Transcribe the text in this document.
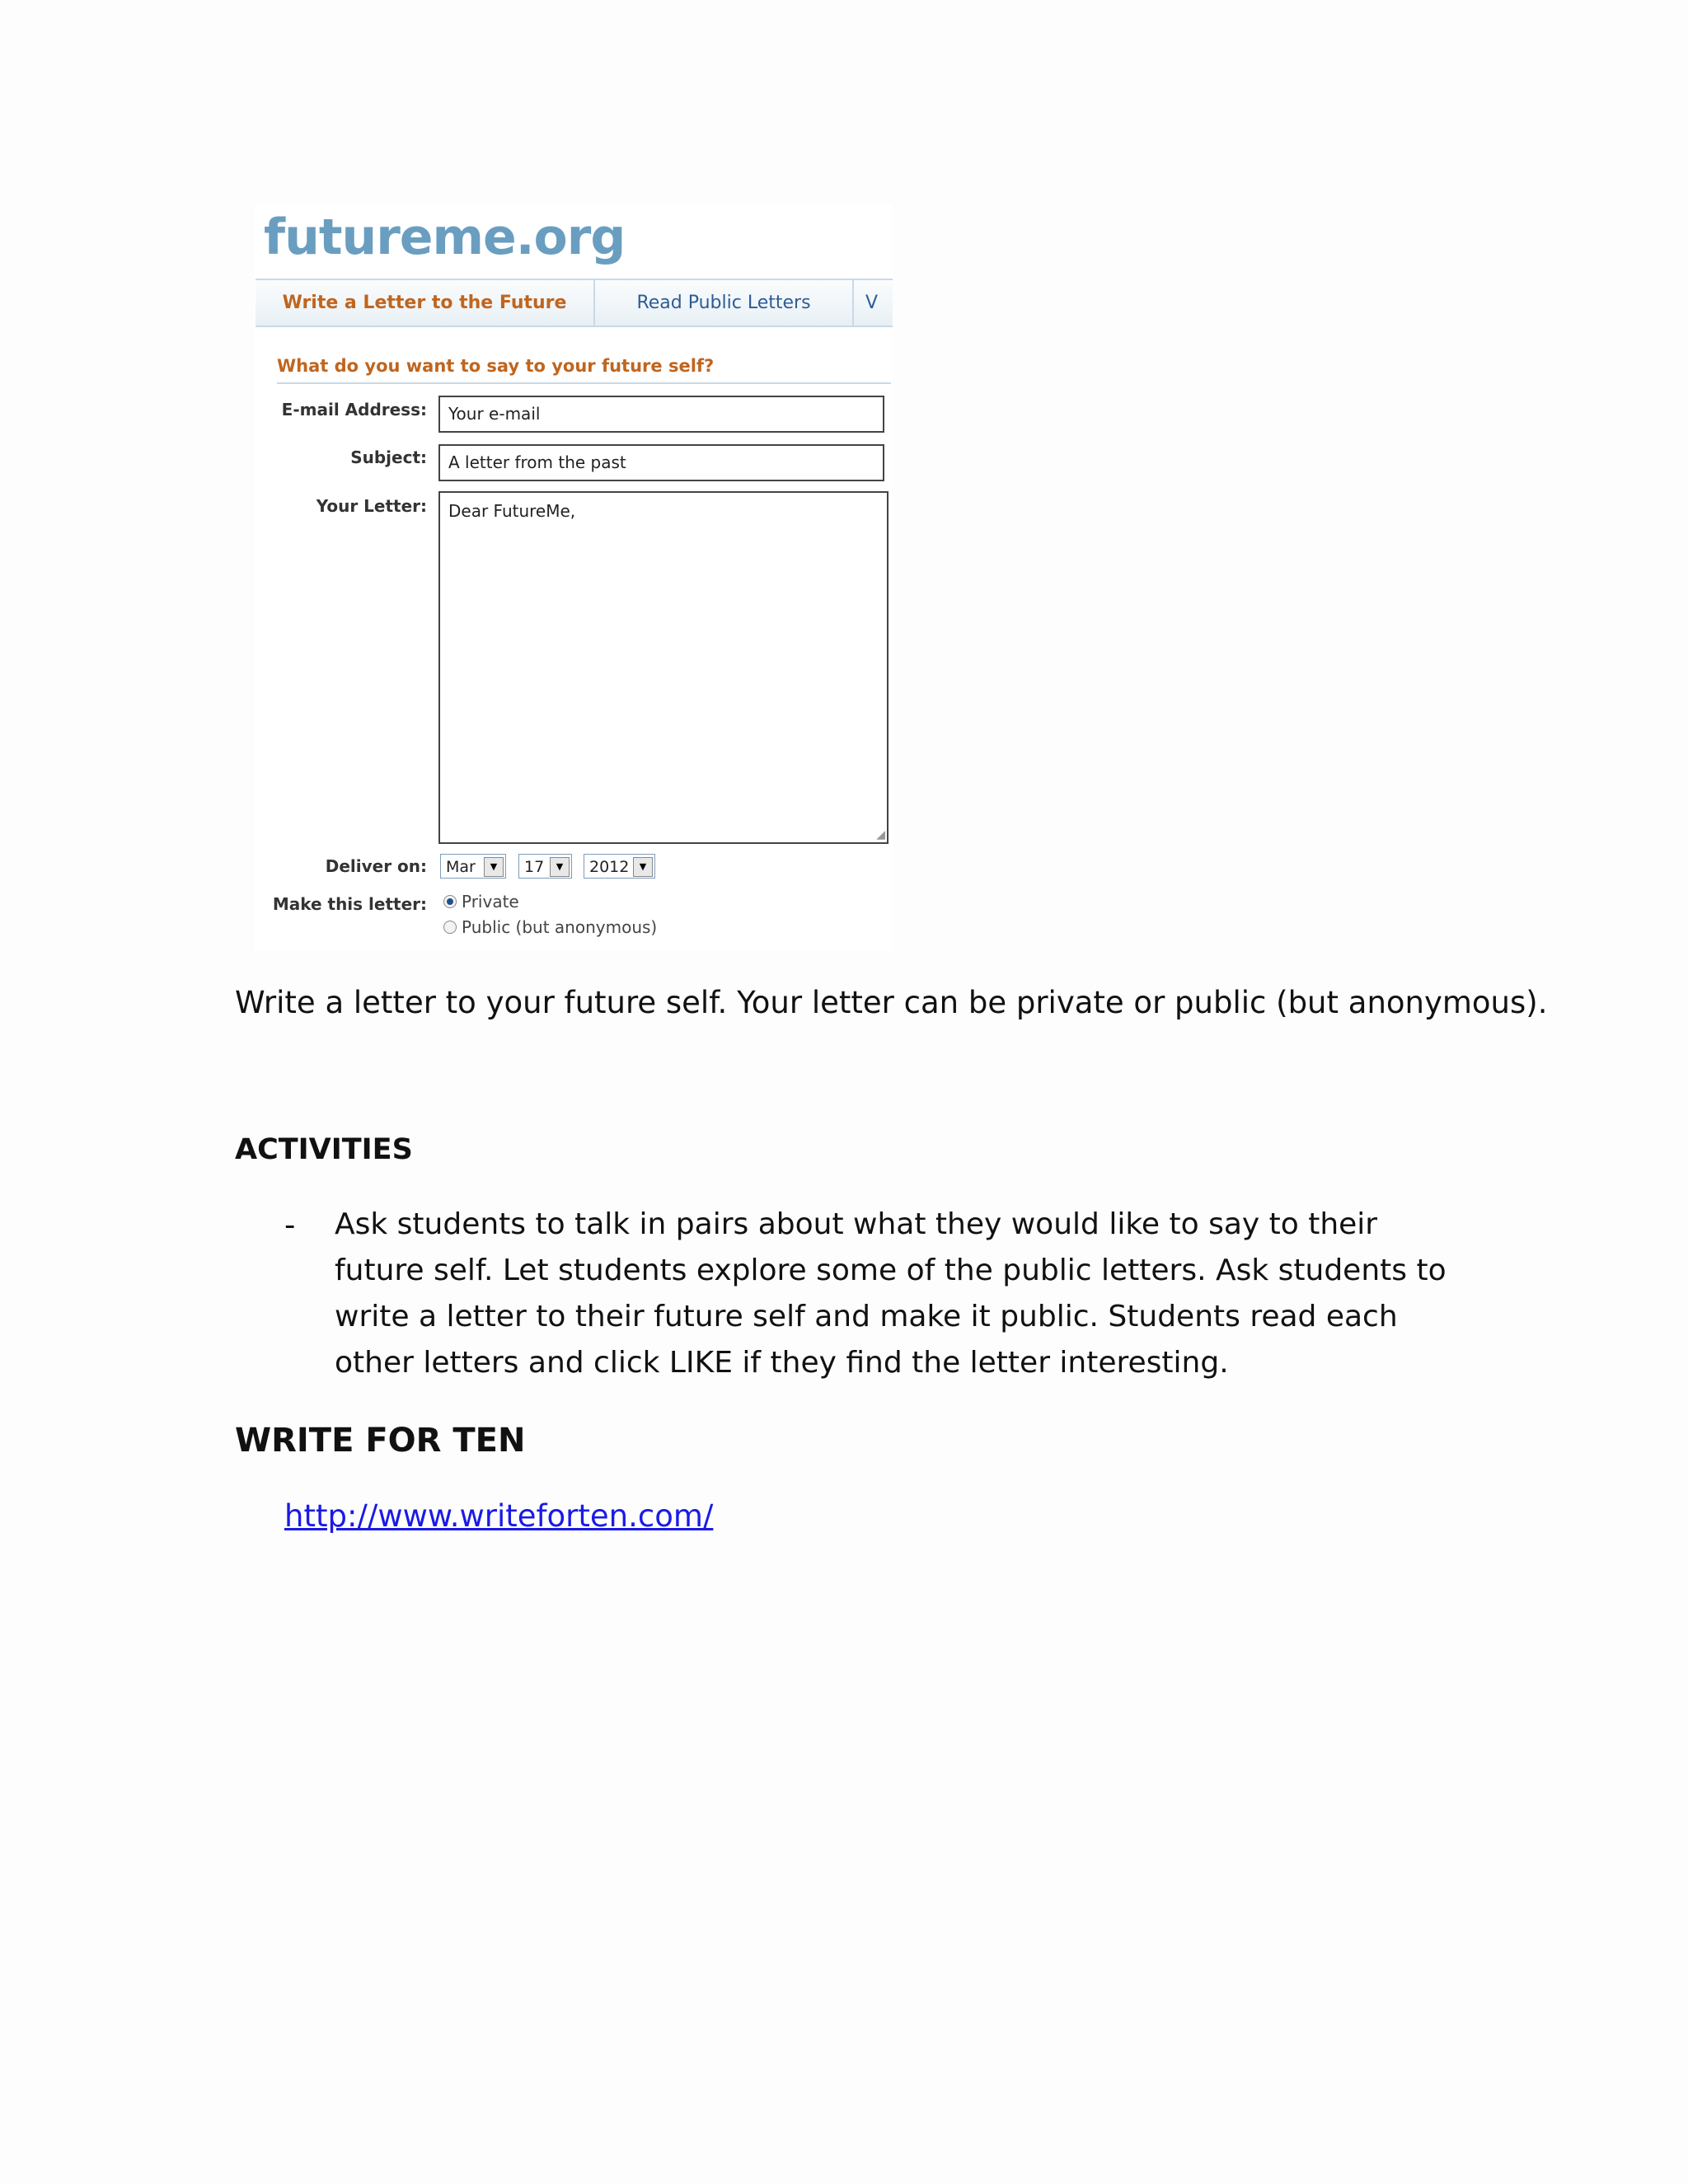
futureme.org
Write a Letter to the Future	Read Public Letters	V
What do you want to say to your future self?
E-mail Address:	Your e-mail
Subject:	A letter from the past
Your Letter:	Dear FutureMe,
◢
Deliver on:	Mar	▼	17	▼	2012	▼
Make this letter:	Private
Public (but anonymous)
Write a letter to your future self. Your letter can be private or public (but anonymous).
ACTIVITIES
- Ask students to talk in pairs about what they would like to say to their future self. Let students explore some of the public letters. Ask students to write a letter to their future self and make it public. Students read each other letters and click LIKE if they find the letter interesting.
WRITE FOR TEN
http://www.writeforten.com/
